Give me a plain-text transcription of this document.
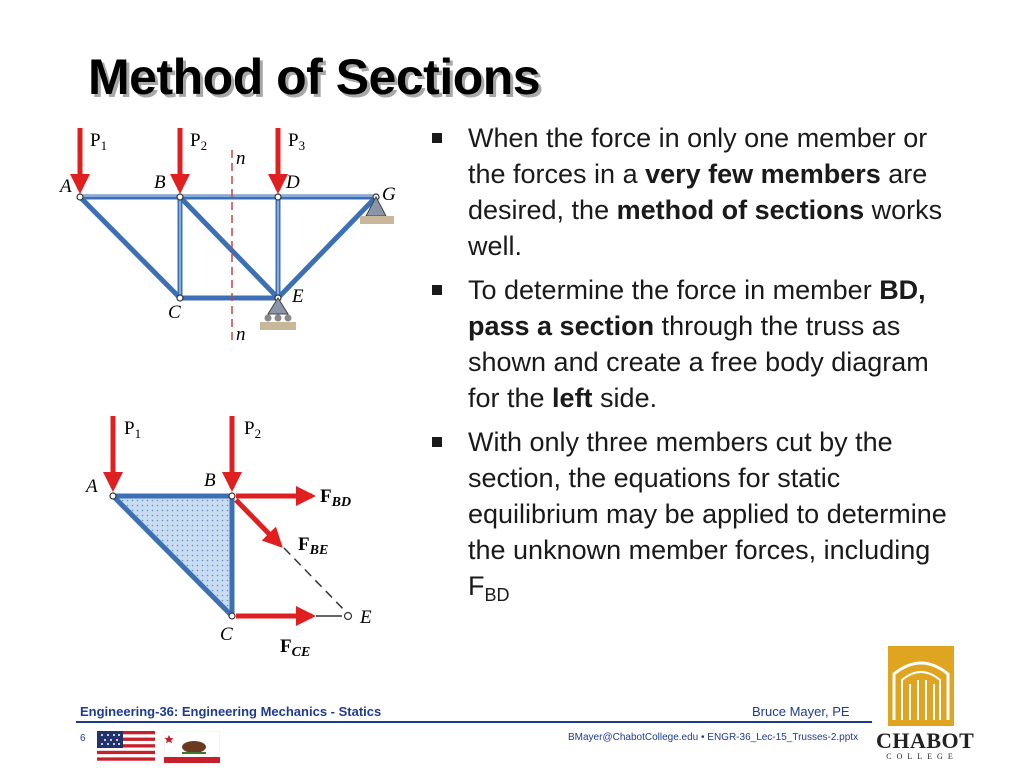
Method of Sections
n
n
$P_1$	$P_2$	$P_3$
A	B	D
G
C
E
$P_1$	$P_2$
A	B
C
E
$F_{BD}$
$F_{BE}$
$F_{CE}$
When the force in only one member or the forces in a very few members are desired, the method of sections works well.
To determine the force in member BD, pass a section through the truss as shown and create a free body diagram for the left side.
With only three members cut by the section, the equations for static equilibrium may be applied to determine the unknown member forces, including $F_{BD}$
Engineering-36: Engineering Mechanics - Statics	Bruce Mayer, PE
6	BMayer@ChabotCollege.edu • ENGR-36_Lec-15_Trusses-2.pptx CHABOT
COLLEGE
